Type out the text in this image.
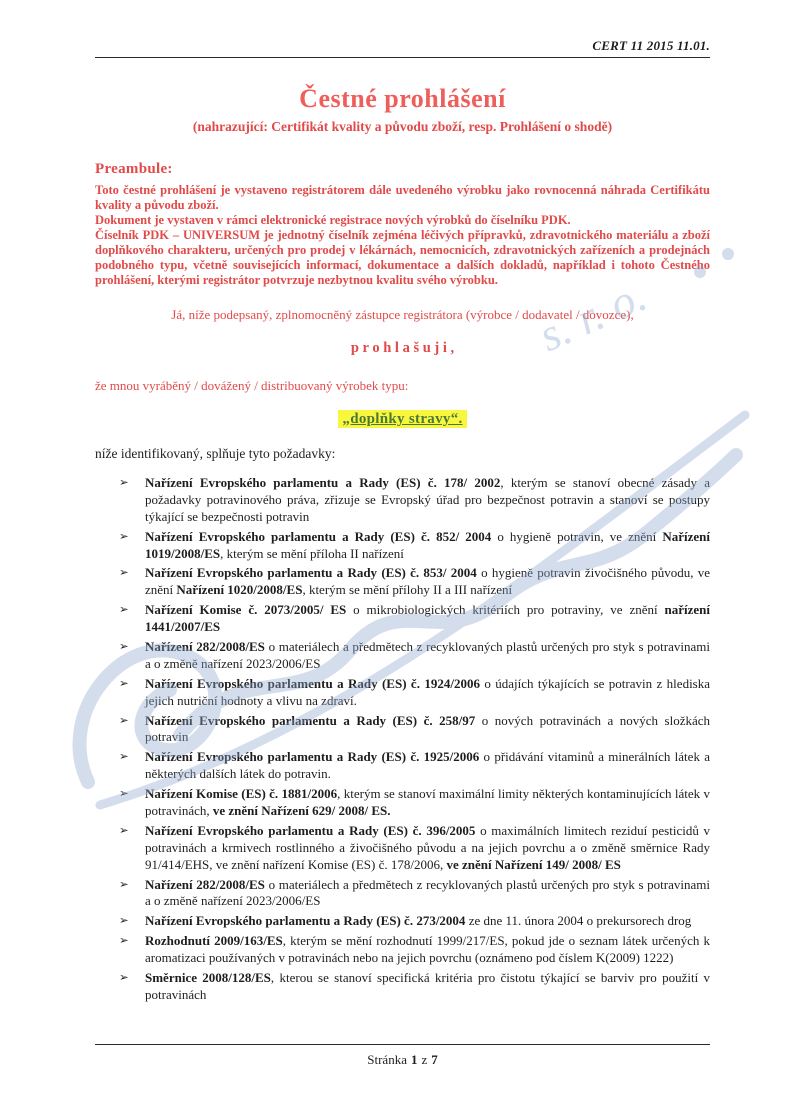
s. r. o.
CERT 11 2015 11.01.
Čestné prohlášení
(nahrazující: Certifikát kvality a původu zboží, resp. Prohlášení o shodě)
Preambule:

Toto čestné prohlášení je vystaveno registrátorem dále uvedeného výrobku jako rovnocenná náhrada Certifikátu kvality a původu zboží.

Dokument je vystaven v rámci elektronické registrace nových výrobků do číselníku PDK.

Číselník PDK – UNIVERSUM je jednotný číselník zejména léčivých přípravků, zdravotnického materiálu a zboží doplňkového charakteru, určených pro prodej v lékárnách, nemocnicích, zdravotnických zařízeních a prodejnách podobného typu, včetně souvisejících informací, dokumentace a dalších dokladů, například i tohoto Čestného prohlášení, kterými registrátor potvrzuje nezbytnou kvalitu svého výrobku.

Já, níže podepsaný, zplnomocněný zástupce registrátora (výrobce / dodavatel / dovozce),

p r o h l a š u j i ,

že mnou vyráběný / dovážený / distribuovaný výrobek typu:

„doplňky stravy“.

níže identifikovaný, splňuje tyto požadavky:

➢	Nařízení Evropského parlamentu a Rady (ES) č. 178/ 2002, kterým se stanoví obecné zásady a požadavky potravinového práva, zřizuje se Evropský úřad pro bezpečnost potravin a stanoví se postupy týkající se bezpečnosti potravin
➢	Nařízení Evropského parlamentu a Rady (ES) č. 852/ 2004 o hygieně potravin, ve znění Nařízení 1019/2008/ES, kterým se mění příloha II nařízení
➢	Nařízení Evropského parlamentu a Rady (ES) č. 853/ 2004 o hygieně potravin živočišného původu, ve znění Nařízení 1020/2008/ES, kterým se mění přílohy II a III nařízení
➢	Nařízení Komise č. 2073/2005/ ES o mikrobiologických kritériích pro potraviny, ve znění nařízení 1441/2007/ES
➢	Nařízení 282/2008/ES o materiálech a předmětech z recyklovaných plastů určených pro styk s potravinami a o změně nařízení 2023/2006/ES
➢	Nařízení Evropského parlamentu a Rady (ES) č. 1924/2006 o údajích týkajících se potravin z hlediska jejich nutriční hodnoty a vlivu na zdraví.
➢	Nařízení Evropského parlamentu a Rady (ES) č. 258/97 o nových potravinách a nových složkách potravin
➢	Nařízení Evropského parlamentu a Rady (ES) č. 1925/2006 o přidávání vitaminů a minerálních látek a některých dalších látek do potravin.
➢	Nařízení Komise (ES) č. 1881/2006, kterým se stanoví maximální limity některých kontaminujících látek v potravinách, ve znění Nařízení 629/ 2008/ ES.
➢	Nařízení Evropského parlamentu a Rady (ES) č. 396/2005 o maximálních limitech reziduí pesticidů v potravinách a krmivech rostlinného a živočišného původu a na jejich povrchu a o změně směrnice Rady 91/414/EHS, ve znění nařízení Komise (ES) č. 178/2006, ve znění Nařízení 149/ 2008/ ES
➢	Nařízení 282/2008/ES o materiálech a předmětech z recyklovaných plastů určených pro styk s potravinami a o změně nařízení 2023/2006/ES
➢	Nařízení Evropského parlamentu a Rady (ES) č. 273/2004 ze dne 11. února 2004 o prekursorech drog
➢	Rozhodnutí 2009/163/ES, kterým se mění rozhodnutí 1999/217/ES, pokud jde o seznam látek určených k aromatizaci používaných v potravinách nebo na jejich povrchu (oznámeno pod číslem K(2009) 1222)
➢	Směrnice 2008/128/ES, kterou se stanoví specifická kritéria pro čistotu týkající se barviv pro použití v potravinách
Stránka 1 z 7
